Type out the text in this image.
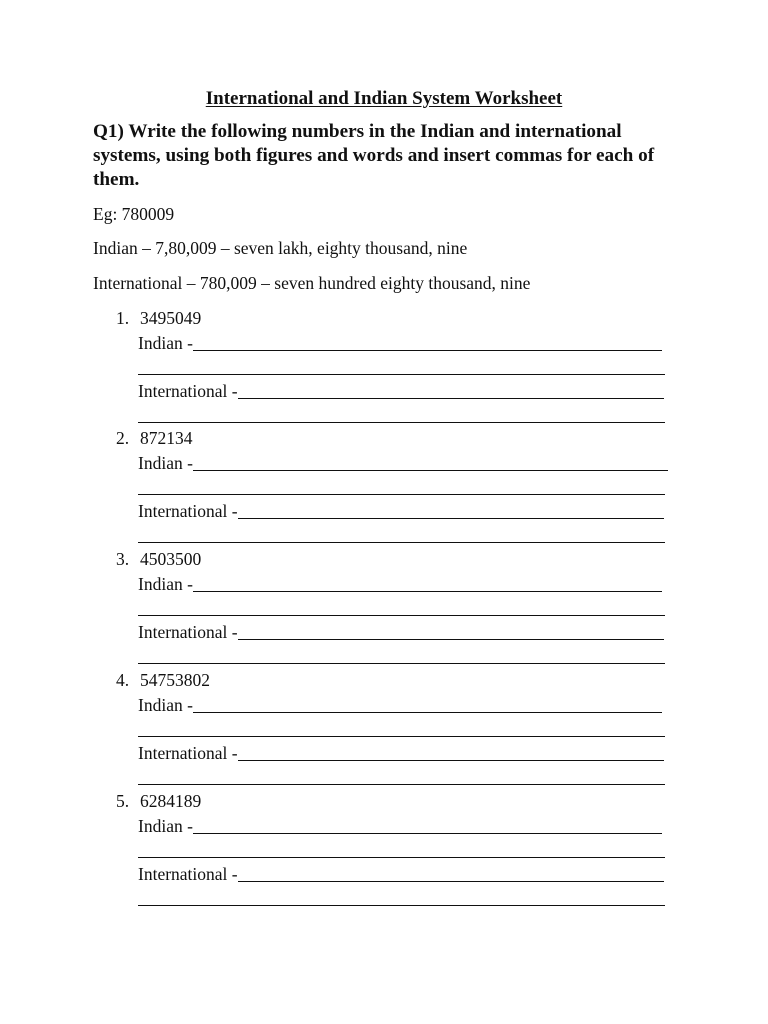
International and Indian System Worksheet
Q1) Write the following numbers in the Indian and international systems, using both figures and words and insert commas for each of them.
Eg: 780009
Indian – 7,80,009 – seven lakh, eighty thousand, nine
International – 780,009 – seven hundred eighty thousand, nine
1. 3495049
Indian -
International -
2. 872134
Indian -
International -
3. 4503500
Indian -
International -
4. 54753802
Indian -
International -
5. 6284189
Indian -
International -
